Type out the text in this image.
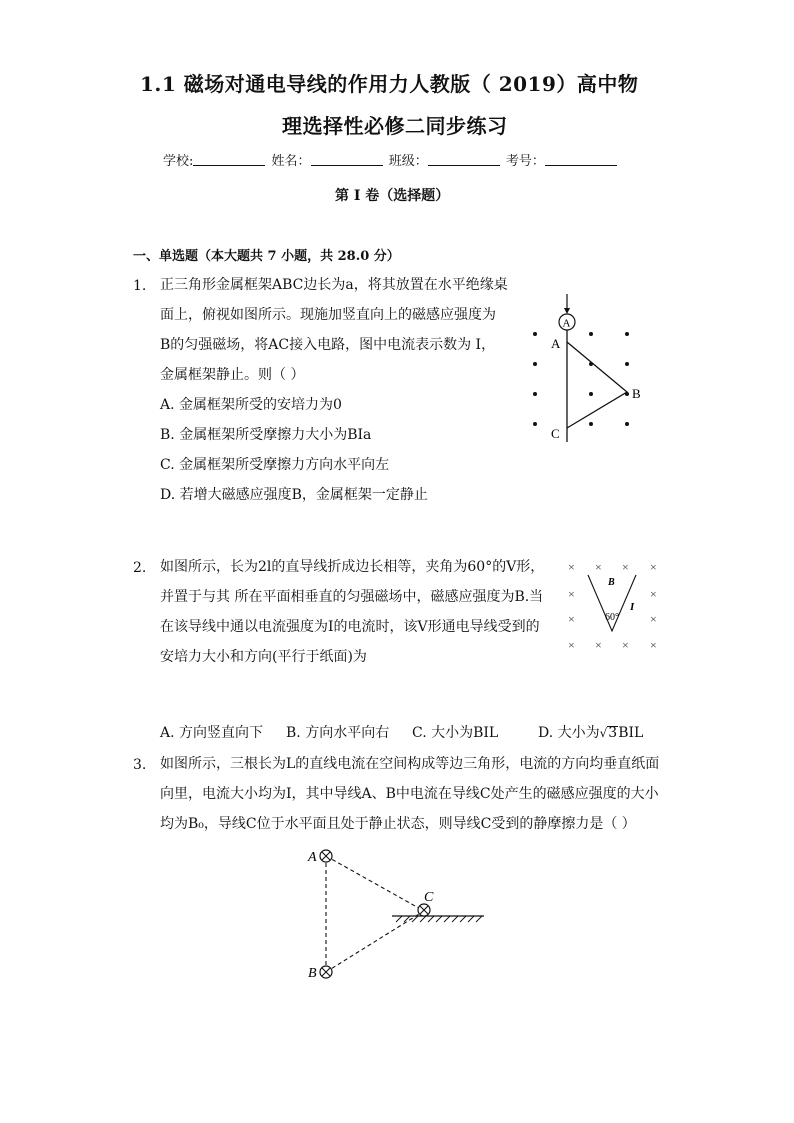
1.1 磁场对通电导线的作用力人教版（ 2019）高中物
理选择性必修二同步练习
学校:	姓名：	班级：	考号：
第 I 卷（选择题）
一、单选题（本大题共 7 小题，共 28.0 分）
1. 正三角形金属框架ABC边长为a，将其放置在水平绝缘桌
面上，俯视如图所示。现施加竖直向上的磁感应强度为
B的匀强磁场，将AC接入电路，图中电流表示数为 I，
金属框架静止。则（ ）
A. 金属框架所受的安培力为0
B. 金属框架所受摩擦力大小为BIa
C. 金属框架所受摩擦力方向水平向左
D. 若增大磁感应强度B，金属框架一定静止
A
A
B
C
2. 如图所示，长为2l的直导线折成边长相等，夹角为60°的V形，
并置于与其 所在平面相垂直的匀强磁场中，磁感应强度为B.当
在该导线中通以电流强度为I的电流时，该V形通电导线受到的
安培力大小和方向(平行于纸面)为
× × × ×
×	×
×	×
× × × ×
B
60°
I
A. 方向竖直向下 B. 方向水平向右 C. 大小为BIL	D. 大小为√3BIL
3. 如图所示，三根长为L的直线电流在空间构成等边三角形，电流的方向均垂直纸面
向里，电流大小均为I，其中导线A、B中电流在导线C处产生的磁感应强度的大小
均为B₀，导线C位于水平面且处于静止状态，则导线C受到的静摩擦力是（ ）
A
B
C
